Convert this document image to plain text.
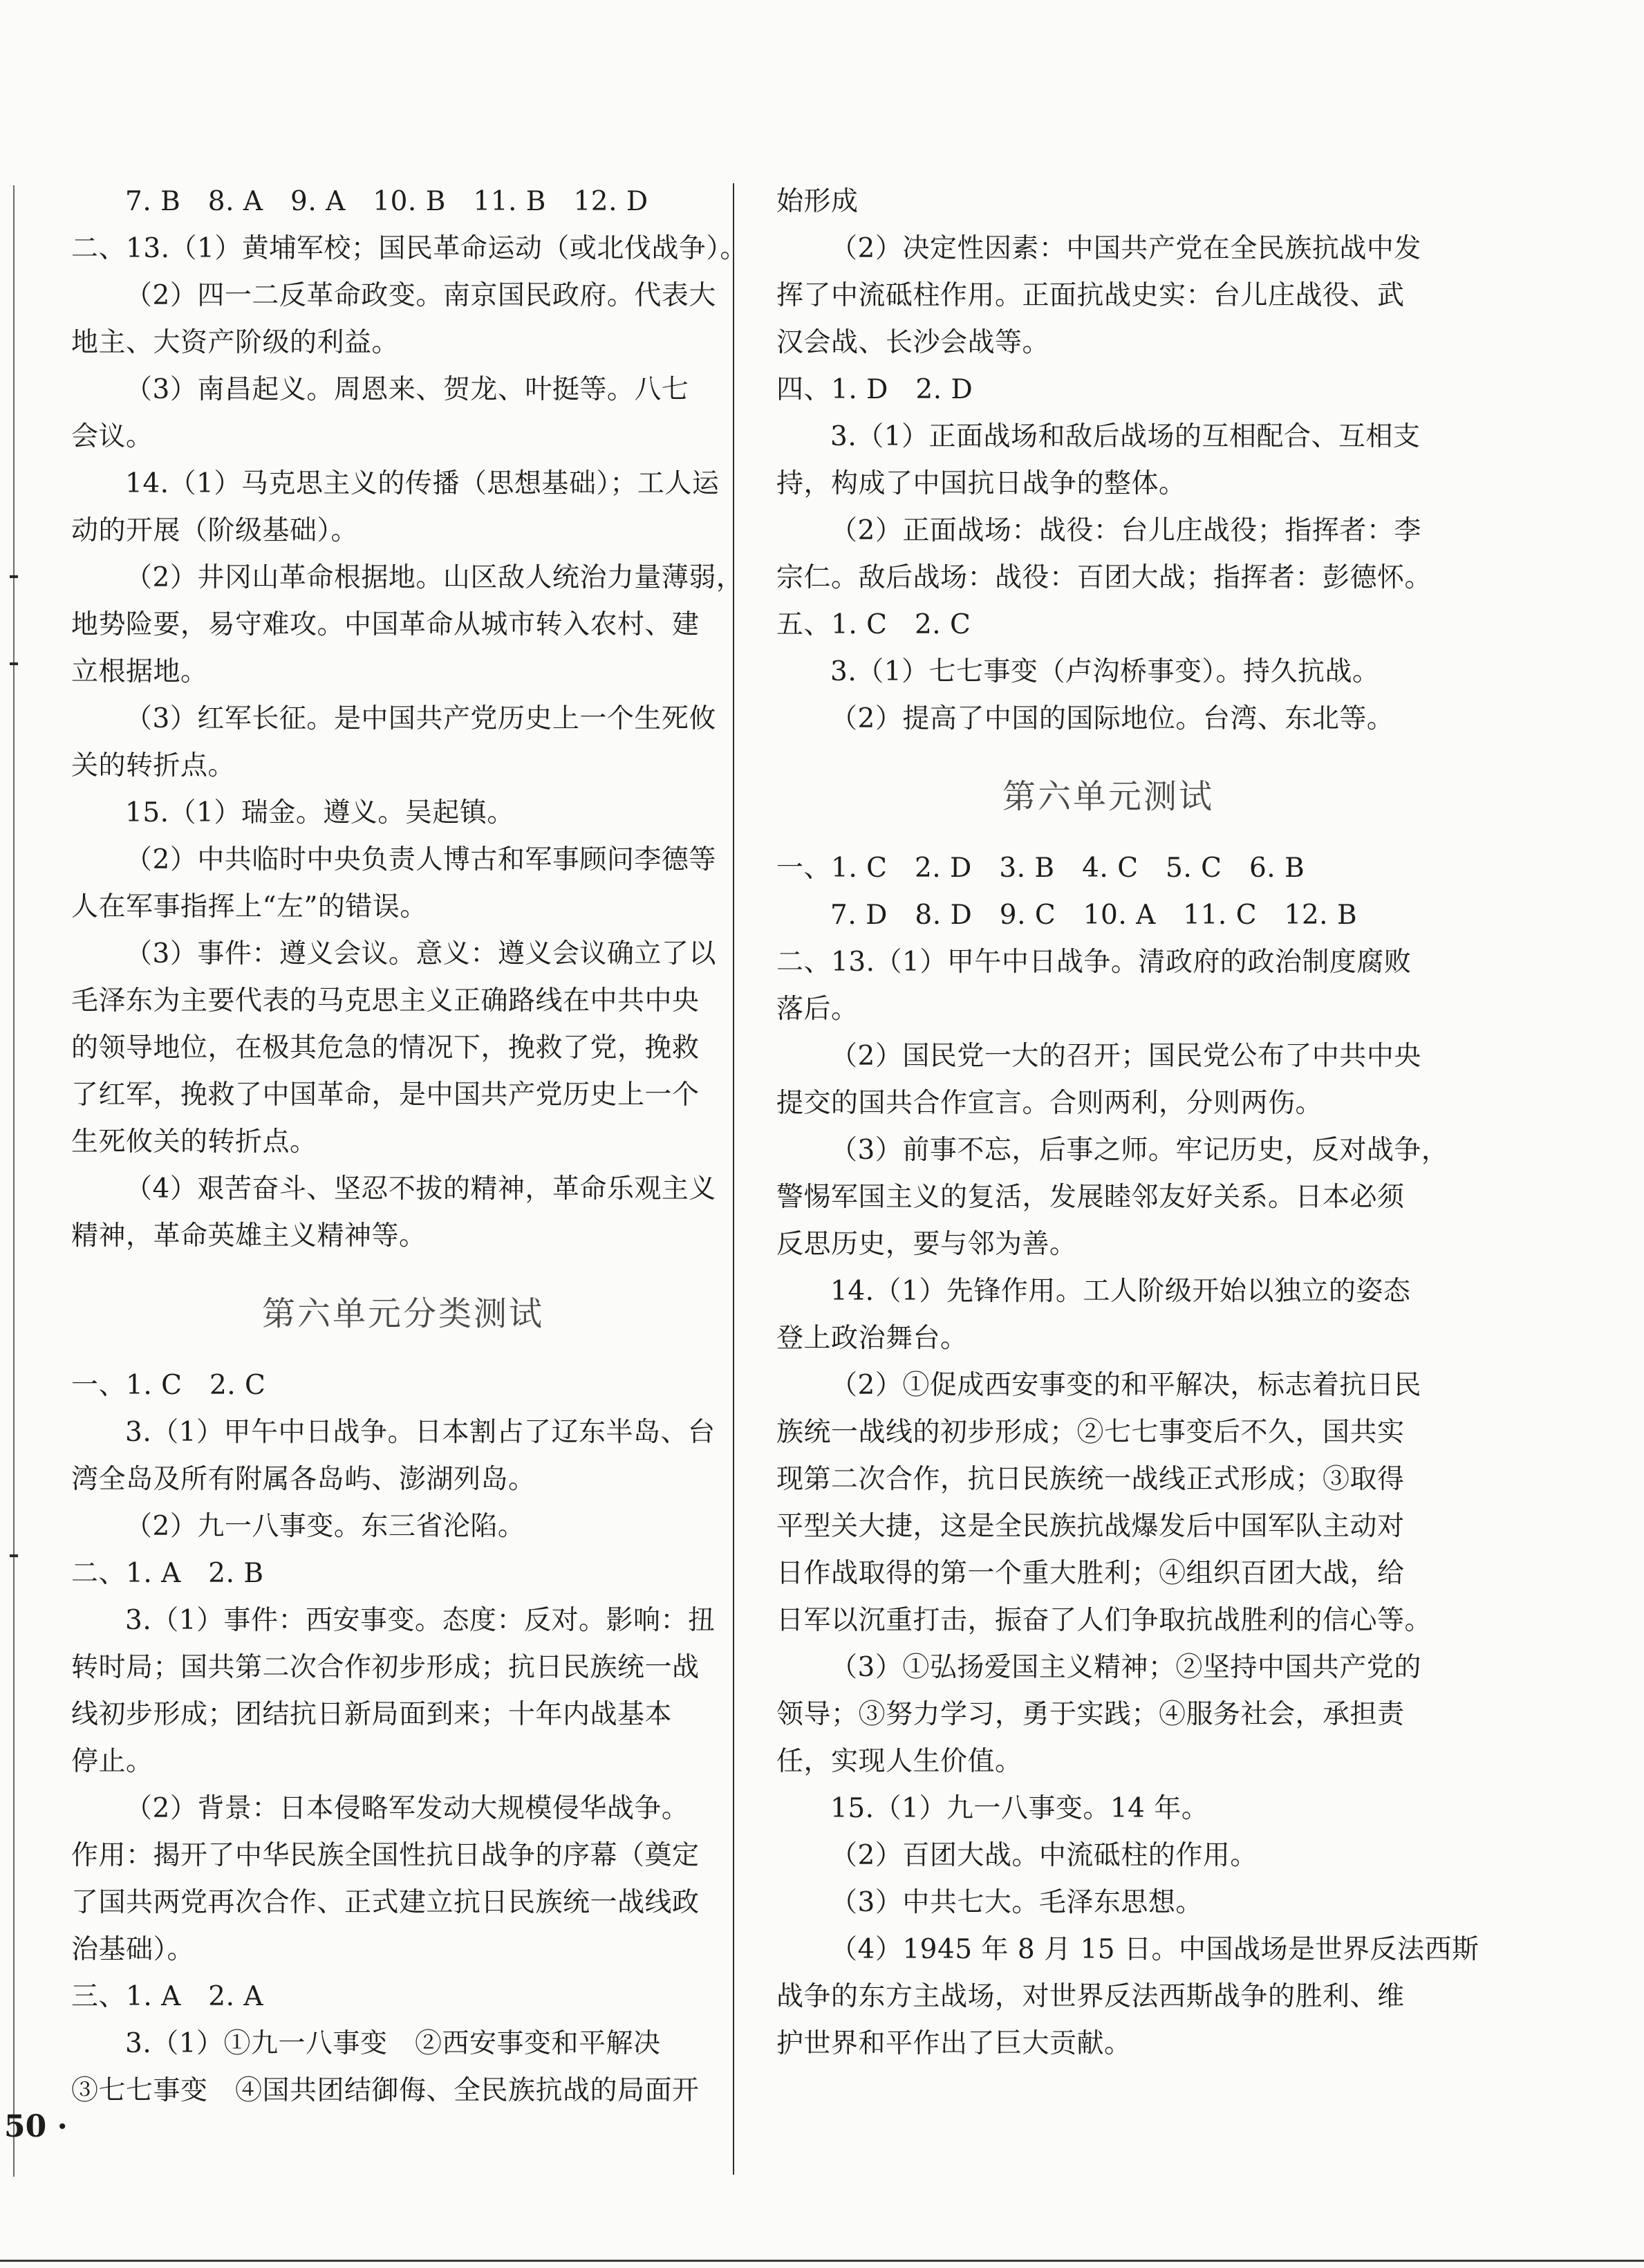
7. B　8. A　9. A　10. B　11. B　12. D

二、13.（1）黄埔军校；国民革命运动（或北伐战争）。

（2）四一二反革命政变。南京国民政府。代表大

地主、大资产阶级的利益。

（3）南昌起义。周恩来、贺龙、叶挺等。八七

会议。

14.（1）马克思主义的传播（思想基础）；工人运

动的开展（阶级基础）。

（2）井冈山革命根据地。山区敌人统治力量薄弱，

地势险要，易守难攻。中国革命从城市转入农村、建

立根据地。

（3）红军长征。是中国共产党历史上一个生死攸

关的转折点。

15.（1）瑞金。遵义。吴起镇。

（2）中共临时中央负责人博古和军事顾问李德等

人在军事指挥上“左”的错误。

（3）事件：遵义会议。意义：遵义会议确立了以

毛泽东为主要代表的马克思主义正确路线在中共中央

的领导地位，在极其危急的情况下，挽救了党，挽救

了红军，挽救了中国革命，是中国共产党历史上一个

生死攸关的转折点。

（4）艰苦奋斗、坚忍不拔的精神，革命乐观主义

精神，革命英雄主义精神等。

第六单元分类测试

一、1. C　2. C

3.（1）甲午中日战争。日本割占了辽东半岛、台

湾全岛及所有附属各岛屿、澎湖列岛。

（2）九一八事变。东三省沦陷。

二、1. A　2. B

3.（1）事件：西安事变。态度：反对。影响：扭

转时局；国共第二次合作初步形成；抗日民族统一战

线初步形成；团结抗日新局面到来；十年内战基本

停止。

（2）背景：日本侵略军发动大规模侵华战争。

作用：揭开了中华民族全国性抗日战争的序幕（奠定

了国共两党再次合作、正式建立抗日民族统一战线政

治基础）。

三、1. A　2. A

3.（1）①九一八事变　②西安事变和平解决

③七七事变　④国共团结御侮、全民族抗战的局面开

始形成

（2）决定性因素：中国共产党在全民族抗战中发

挥了中流砥柱作用。正面抗战史实：台儿庄战役、武

汉会战、长沙会战等。

四、1. D　2. D

3.（1）正面战场和敌后战场的互相配合、互相支

持，构成了中国抗日战争的整体。

（2）正面战场：战役：台儿庄战役；指挥者：李

宗仁。敌后战场：战役：百团大战；指挥者：彭德怀。

五、1. C　2. C

3.（1）七七事变（卢沟桥事变）。持久抗战。

（2）提高了中国的国际地位。台湾、东北等。

第六单元测试

一、1. C　2. D　3. B　4. C　5. C　6. B

7. D　8. D　9. C　10. A　11. C　12. B

二、13.（1）甲午中日战争。清政府的政治制度腐败

落后。

（2）国民党一大的召开；国民党公布了中共中央

提交的国共合作宣言。合则两利，分则两伤。

（3）前事不忘，后事之师。牢记历史，反对战争，

警惕军国主义的复活，发展睦邻友好关系。日本必须

反思历史，要与邻为善。

14.（1）先锋作用。工人阶级开始以独立的姿态

登上政治舞台。

（2）①促成西安事变的和平解决，标志着抗日民

族统一战线的初步形成；②七七事变后不久，国共实

现第二次合作，抗日民族统一战线正式形成；③取得

平型关大捷，这是全民族抗战爆发后中国军队主动对

日作战取得的第一个重大胜利；④组织百团大战，给

日军以沉重打击，振奋了人们争取抗战胜利的信心等。

（3）①弘扬爱国主义精神；②坚持中国共产党的

领导；③努力学习，勇于实践；④服务社会，承担责

任，实现人生价值。

15.（1）九一八事变。14 年。

（2）百团大战。中流砥柱的作用。

（3）中共七大。毛泽东思想。

（4）1945 年 8 月 15 日。中国战场是世界反法西斯

战争的东方主战场，对世界反法西斯战争的胜利、维

护世界和平作出了巨大贡献。

50 ·
